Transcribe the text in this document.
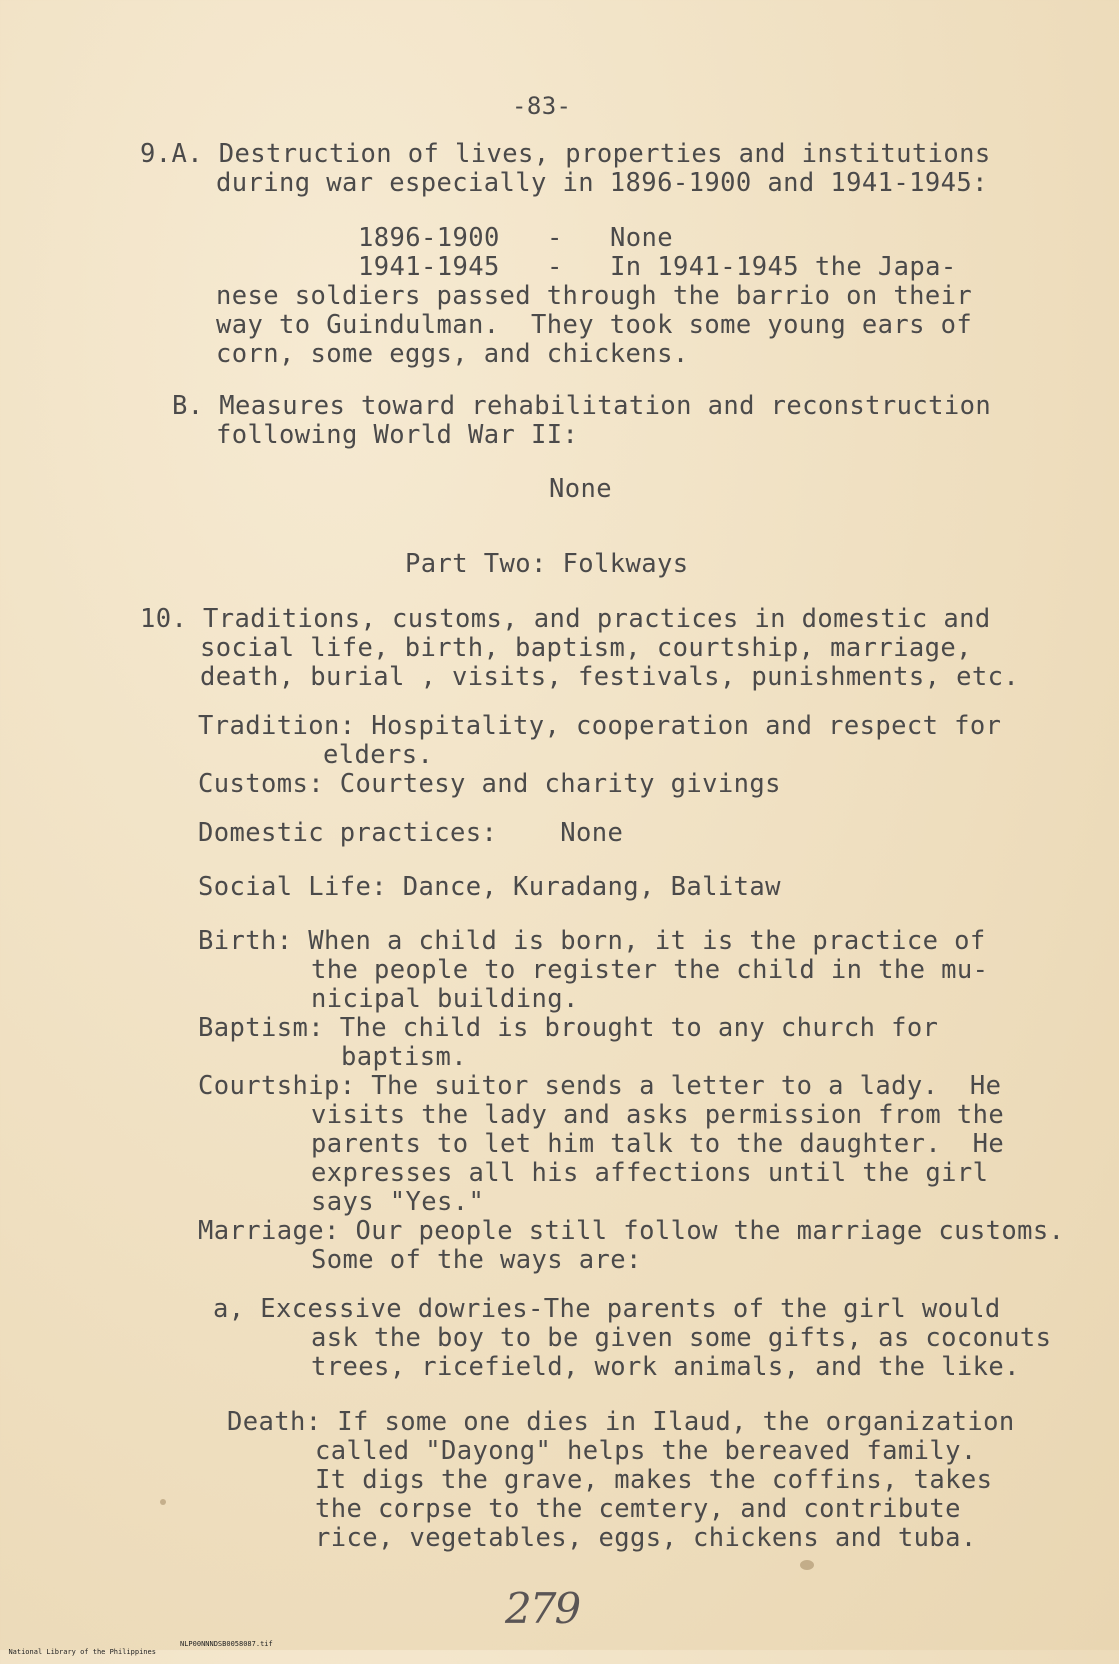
-83-
9.A. Destruction of lives, properties and institutions
during war especially in 1896-1900 and 1941-1945:
1896-1900   -   None
1941-1945   -   In 1941-1945 the Japa-
nese soldiers passed through the barrio on their
way to Guindulman.  They took some young ears of
corn, some eggs, and chickens.
B. Measures toward rehabilitation and reconstruction
following World War II:
None
Part Two: Folkways
10. Traditions, customs, and practices in domestic and
social life, birth, baptism, courtship, marriage,
death, burial , visits, festivals, punishments, etc.
Tradition: Hospitality, cooperation and respect for
elders.
Customs: Courtesy and charity givings
Domestic practices:    None
Social Life: Dance, Kuradang, Balitaw
Birth: When a child is born, it is the practice of
the people to register the child in the mu-
nicipal building.
Baptism: The child is brought to any church for
baptism.
Courtship: The suitor sends a letter to a lady.  He
visits the lady and asks permission from the
parents to let him talk to the daughter.  He
expresses all his affections until the girl
says "Yes."
Marriage: Our people still follow the marriage customs.
Some of the ways are:
a, Excessive dowries-The parents of the girl would
ask the boy to be given some gifts, as coconuts
trees, ricefield, work animals, and the like.
Death: If some one dies in Ilaud, the organization
called "Dayong" helps the bereaved family.
It digs the grave, makes the coffins, takes
the corpse to the cemtery, and contribute
rice, vegetables, eggs, chickens and tuba.
279

National Library of the Philippines

NLP00NNNDSB0058087.tif
